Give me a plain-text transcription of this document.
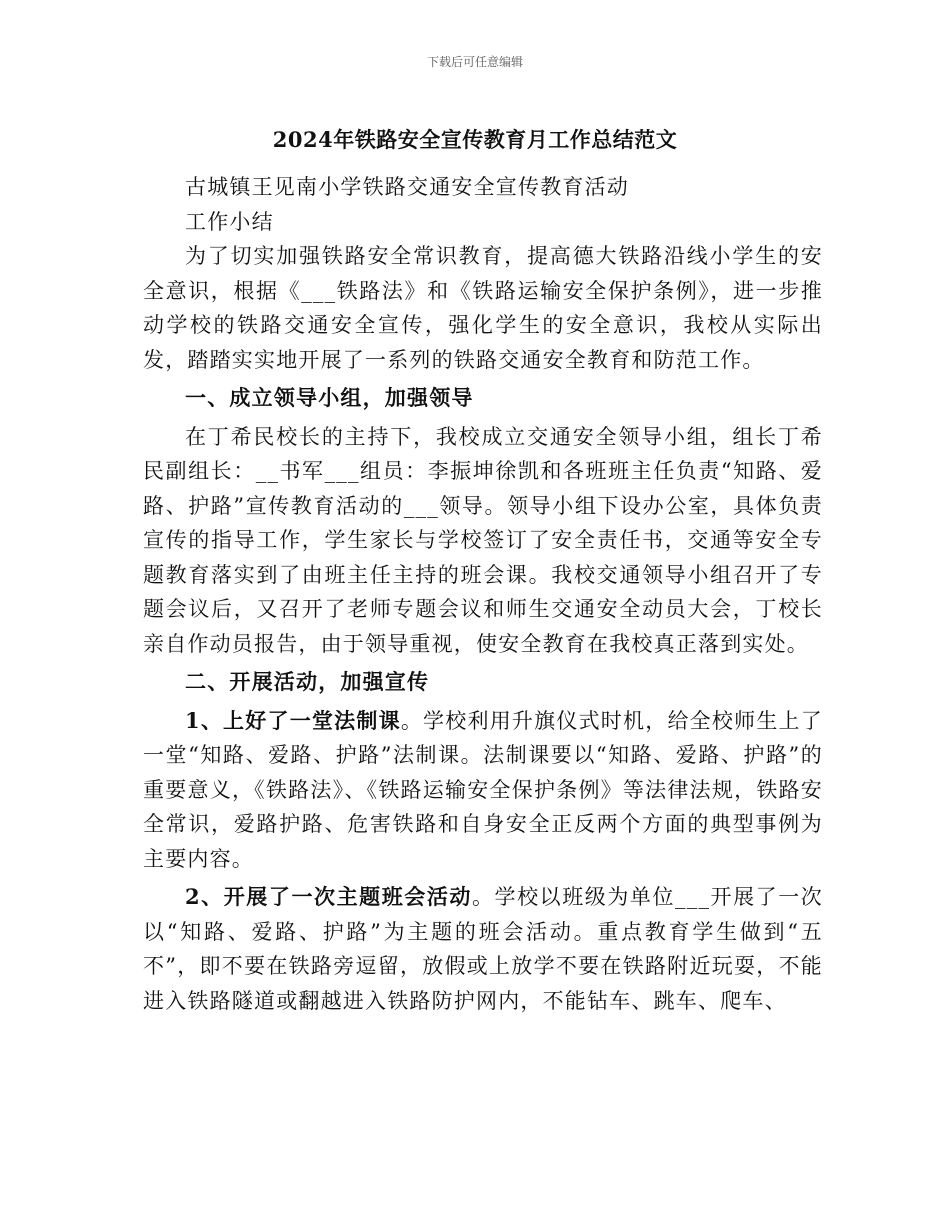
下载后可任意编辑
2024年铁路安全宣传教育月工作总结范文

古城镇王见南小学铁路交通安全宣传教育活动

工作小结

为了切实加强铁路安全常识教育，提高德大铁路沿线小学生的安全意识，根据《___铁路法》和《铁路运输安全保护条例》，进一步推动学校的铁路交通安全宣传，强化学生的安全意识，我校从实际出发，踏踏实实地开展了一系列的铁路交通安全教育和防范工作。

一、成立领导小组，加强领导

在丁希民校长的主持下，我校成立交通安全领导小组，组长丁希民副组长：__书军___组员：李振坤徐凯和各班班主任负责“知路、爱路、护路”宣传教育活动的___领导。领导小组下设办公室，具体负责宣传的指导工作，学生家长与学校签订了安全责任书，交通等安全专题教育落实到了由班主任主持的班会课。我校交通领导小组召开了专题会议后，又召开了老师专题会议和师生交通安全动员大会，丁校长亲自作动员报告，由于领导重视，使安全教育在我校真正落到实处。

二、开展活动，加强宣传

1、上好了一堂法制课。学校利用升旗仪式时机，给全校师生上了一堂“知路、爱路、护路”法制课。法制课要以“知路、爱路、护路”的重要意义，《铁路法》、《铁路运输安全保护条例》等法律法规，铁路安全常识，爱路护路、危害铁路和自身安全正反两个方面的典型事例为主要内容。

2、开展了一次主题班会活动。学校以班级为单位___开展了一次以“知路、爱路、护路”为主题的班会活动。重点教育学生做到“五不”，即不要在铁路旁逗留，放假或上放学不要在铁路附近玩耍，不能进入铁路隧道或翻越进入铁路防护网内，不能钻车、跳车、爬车、
